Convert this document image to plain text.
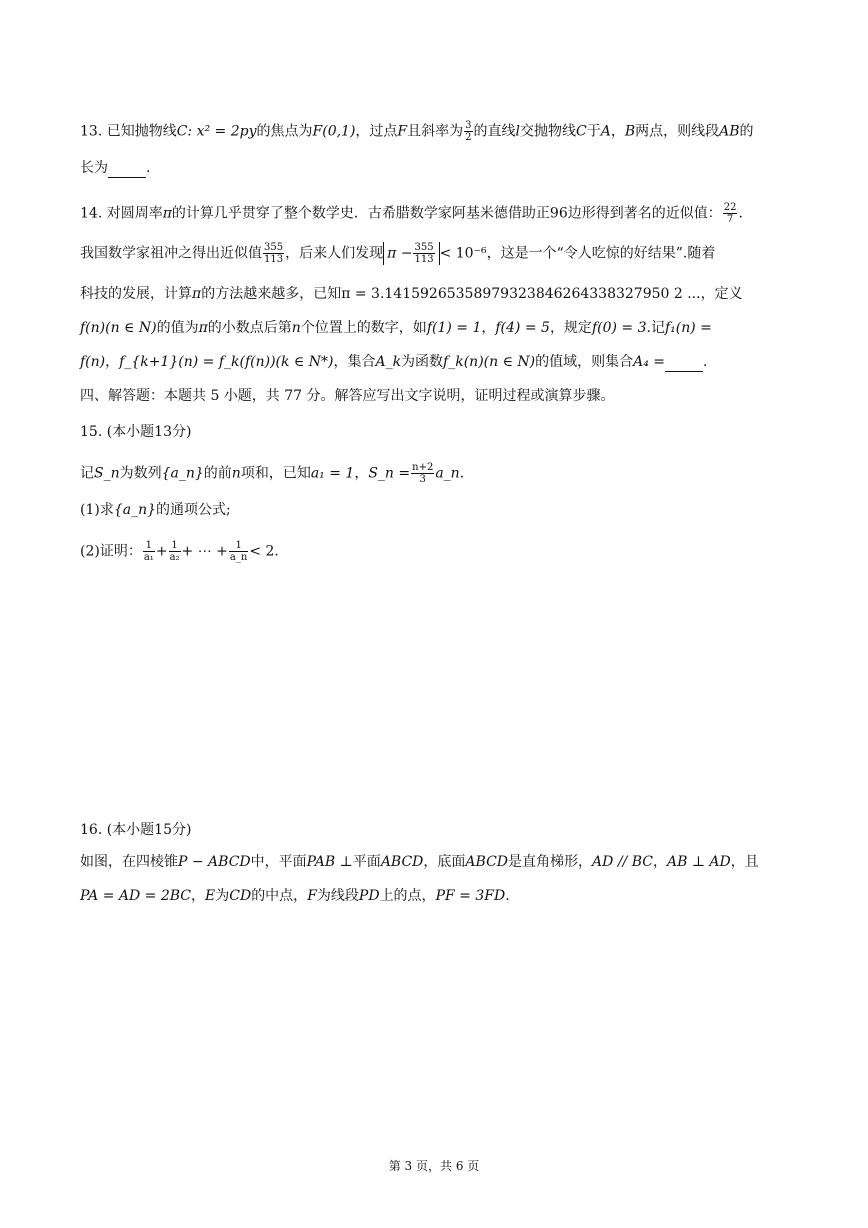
13. 已知抛物线C: x² = 2py的焦点为F(0,1)，过点F且斜率为 $\frac{3}{2}$ 的直线l交抛物线C于A，B两点，则线段AB的
长为	.
14. 对圆周率π的计算几乎贯穿了整个数学史．古希腊数学家阿基米德借助正96边形得到著名的近似值： $\frac{22}{7}$ .
我国数学家祖冲之得出近似值 $\frac{355}{113}$ ，后来人们发现 $\pi - \frac{355}{113} < 10^{-6}$，这是一个“令人吃惊的好结果”.随着
科技的发展，计算π的方法越来越多，已知π = 3.14159265358979323846264338327950 2 ...，定义
f(n)(n ∈ N)的值为π的小数点后第n个位置上的数字，如f(1) = 1，f(4) = 5，规定f(0) = 3.记f₁(n) =
f(n)，f_{k+1}(n) = f_k(f(n))(k ∈ N*)，集合A_k为函数f_k(n)(n ∈ N)的值域，则集合A₄ =	.
四、解答题：本题共 5 小题，共 77 分。解答应写出文字说明，证明过程或演算步骤。
15. (本小题13分)
记S_n为数列{a_n}的前n项和，已知a₁ = 1，S_n = $\frac{n+2}{3}$ a_n.
(1)求{a_n}的通项公式;
(2)证明： $\frac{1}{\text{a₁}} + \frac{1}{\text{a₂}}$ + ⋯ + $\frac{1}{a\_n} < 2$.
16. (本小题15分)
如图，在四棱锥P − ABCD中，平面PAB ⊥平面ABCD，底面ABCD是直角梯形，AD // BC，AB ⊥ AD，且
PA = AD = 2BC，E为CD的中点，F为线段PD上的点，PF = 3FD.
第 3 页，共 6 页
